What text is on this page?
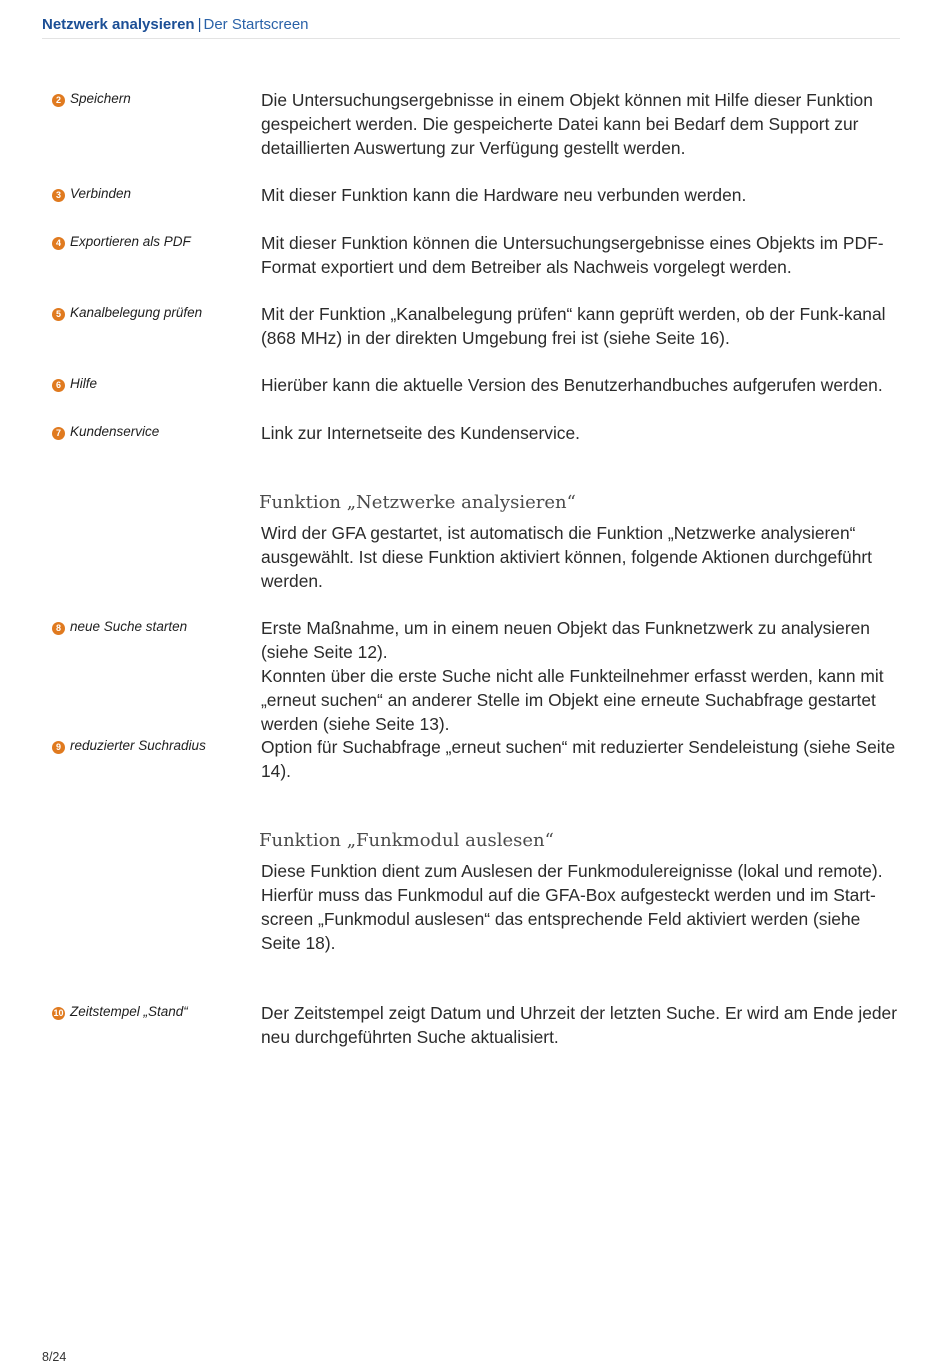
Netzwerk analysieren | Der Startscreen
2 Speichern	Die Untersuchungsergebnisse in einem Objekt können mit Hilfe dieser Funktion gespeichert werden. Die gespeicherte Datei kann bei Bedarf dem Support zur detaillierten Auswertung zur Verfügung gestellt werden.
3 Verbinden	Mit dieser Funktion kann die Hardware neu verbunden werden.
4 Exportieren als PDF	Mit dieser Funktion können die Untersuchungsergebnisse eines Objekts im PDF-Format exportiert und dem Betreiber als Nachweis vorgelegt werden.
5 Kanalbelegung prüfen	Mit der Funktion „Kanalbelegung prüfen“ kann geprüft werden, ob der Funk-kanal (868 MHz) in der direkten Umgebung frei ist (siehe Seite 16).
6 Hilfe	Hierüber kann die aktuelle Version des Benutzerhandbuches aufgerufen werden.
7 Kundenservice	Link zur Internetseite des Kundenservice.
Funktion „Netzwerke analysieren“
Wird der GFA gestartet, ist automatisch die Funktion „Netzwerke analysieren“ ausgewählt. Ist diese Funktion aktiviert können, folgende Aktionen durchgeführt werden.
8 neue Suche starten	Erste Maßnahme, um in einem neuen Objekt das Funknetzwerk zu analysieren (siehe Seite 12).

Konnten über die erste Suche nicht alle Funkteilnehmer erfasst werden, kann mit „erneut suchen“ an anderer Stelle im Objekt eine erneute Suchabfrage gestartet werden (siehe Seite 13).

9 reduzierter Suchradius	Option für Suchabfrage „erneut suchen“ mit reduzierter Sendeleistung (siehe Seite 14).
Funktion „Funkmodul auslesen“
Diese Funktion dient zum Auslesen der Funkmodulereignisse (lokal und remote). Hierfür muss das Funkmodul auf die GFA-Box aufgesteckt werden und im Start-screen „Funkmodul auslesen“ das entsprechende Feld aktiviert werden (siehe Seite 18).
10 Zeitstempel „Stand“	Der Zeitstempel zeigt Datum und Uhrzeit der letzten Suche. Er wird am Ende jeder neu durchgeführten Suche aktualisiert.
8/24
